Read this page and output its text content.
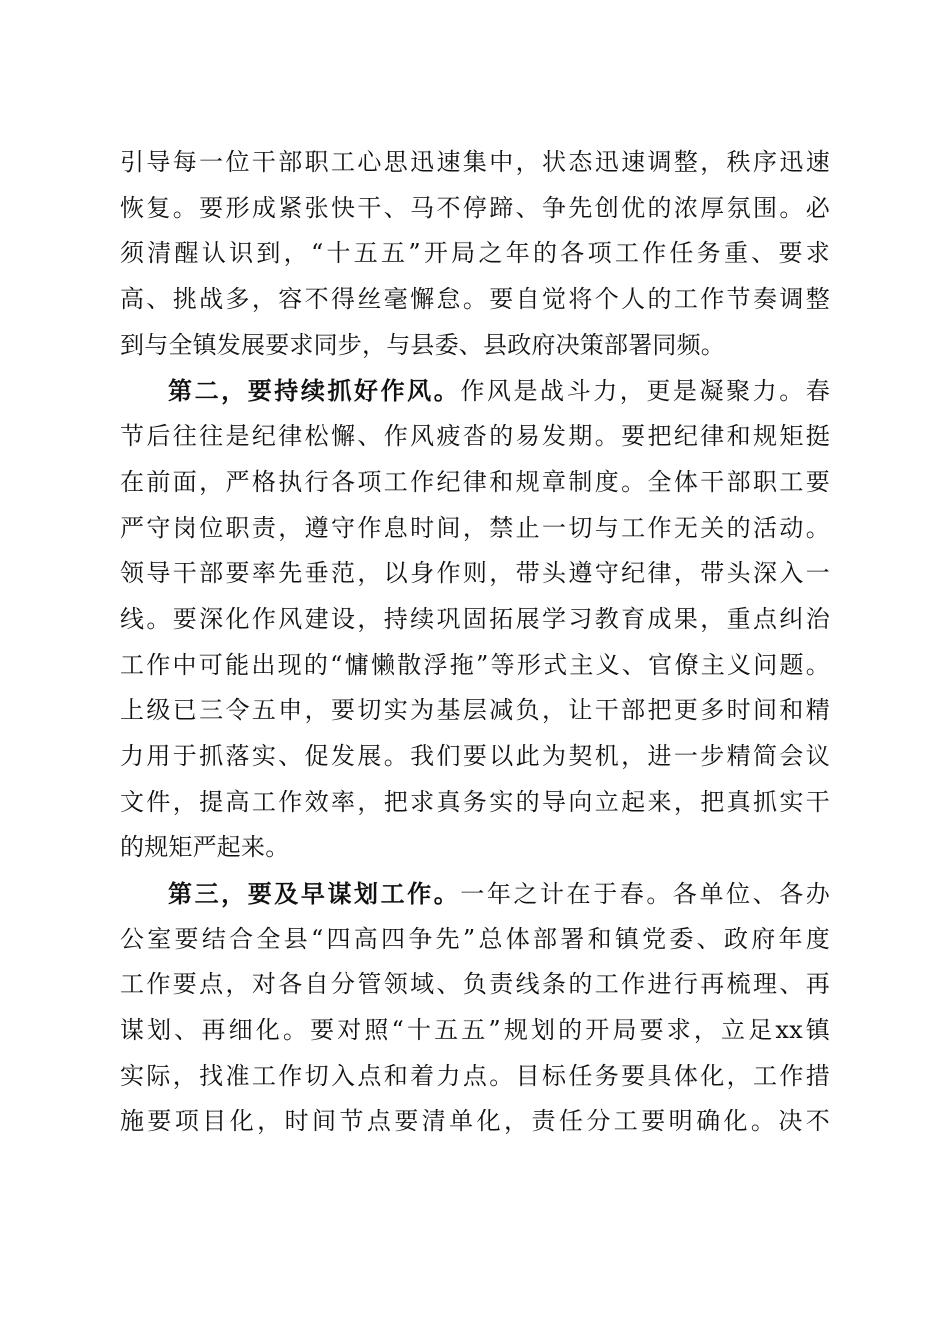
引导每一位干部职工心思迅速集中，状态迅速调整，秩序迅速
恢复。要形成紧张快干、马不停蹄、争先创优的浓厚氛围。必
须清醒认识到，“十五五”开局之年的各项工作任务重、要求
高、挑战多，容不得丝毫懈怠。要自觉将个人的工作节奏调整
到与全镇发展要求同步，与县委、县政府决策部署同频。
第二，要持续抓好作风。作风是战斗力，更是凝聚力。春
节后往往是纪律松懈、作风疲沓的易发期。要把纪律和规矩挺
在前面，严格执行各项工作纪律和规章制度。全体干部职工要
严守岗位职责，遵守作息时间，禁止一切与工作无关的活动。
领导干部要率先垂范，以身作则，带头遵守纪律，带头深入一
线。要深化作风建设，持续巩固拓展学习教育成果，重点纠治
工作中可能出现的“慵懒散浮拖”等形式主义、官僚主义问题。
上级已三令五申，要切实为基层减负，让干部把更多时间和精
力用于抓落实、促发展。我们要以此为契机，进一步精简会议
文件，提高工作效率，把求真务实的导向立起来，把真抓实干
的规矩严起来。
第三，要及早谋划工作。一年之计在于春。各单位、各办
公室要结合全县“四高四争先”总体部署和镇党委、政府年度
工作要点，对各自分管领域、负责线条的工作进行再梳理、再
谋划、再细化。要对照“十五五”规划的开局要求，立足xx镇
实际，找准工作切入点和着力点。目标任务要具体化，工作措
施要项目化，时间节点要清单化，责任分工要明确化。决不
